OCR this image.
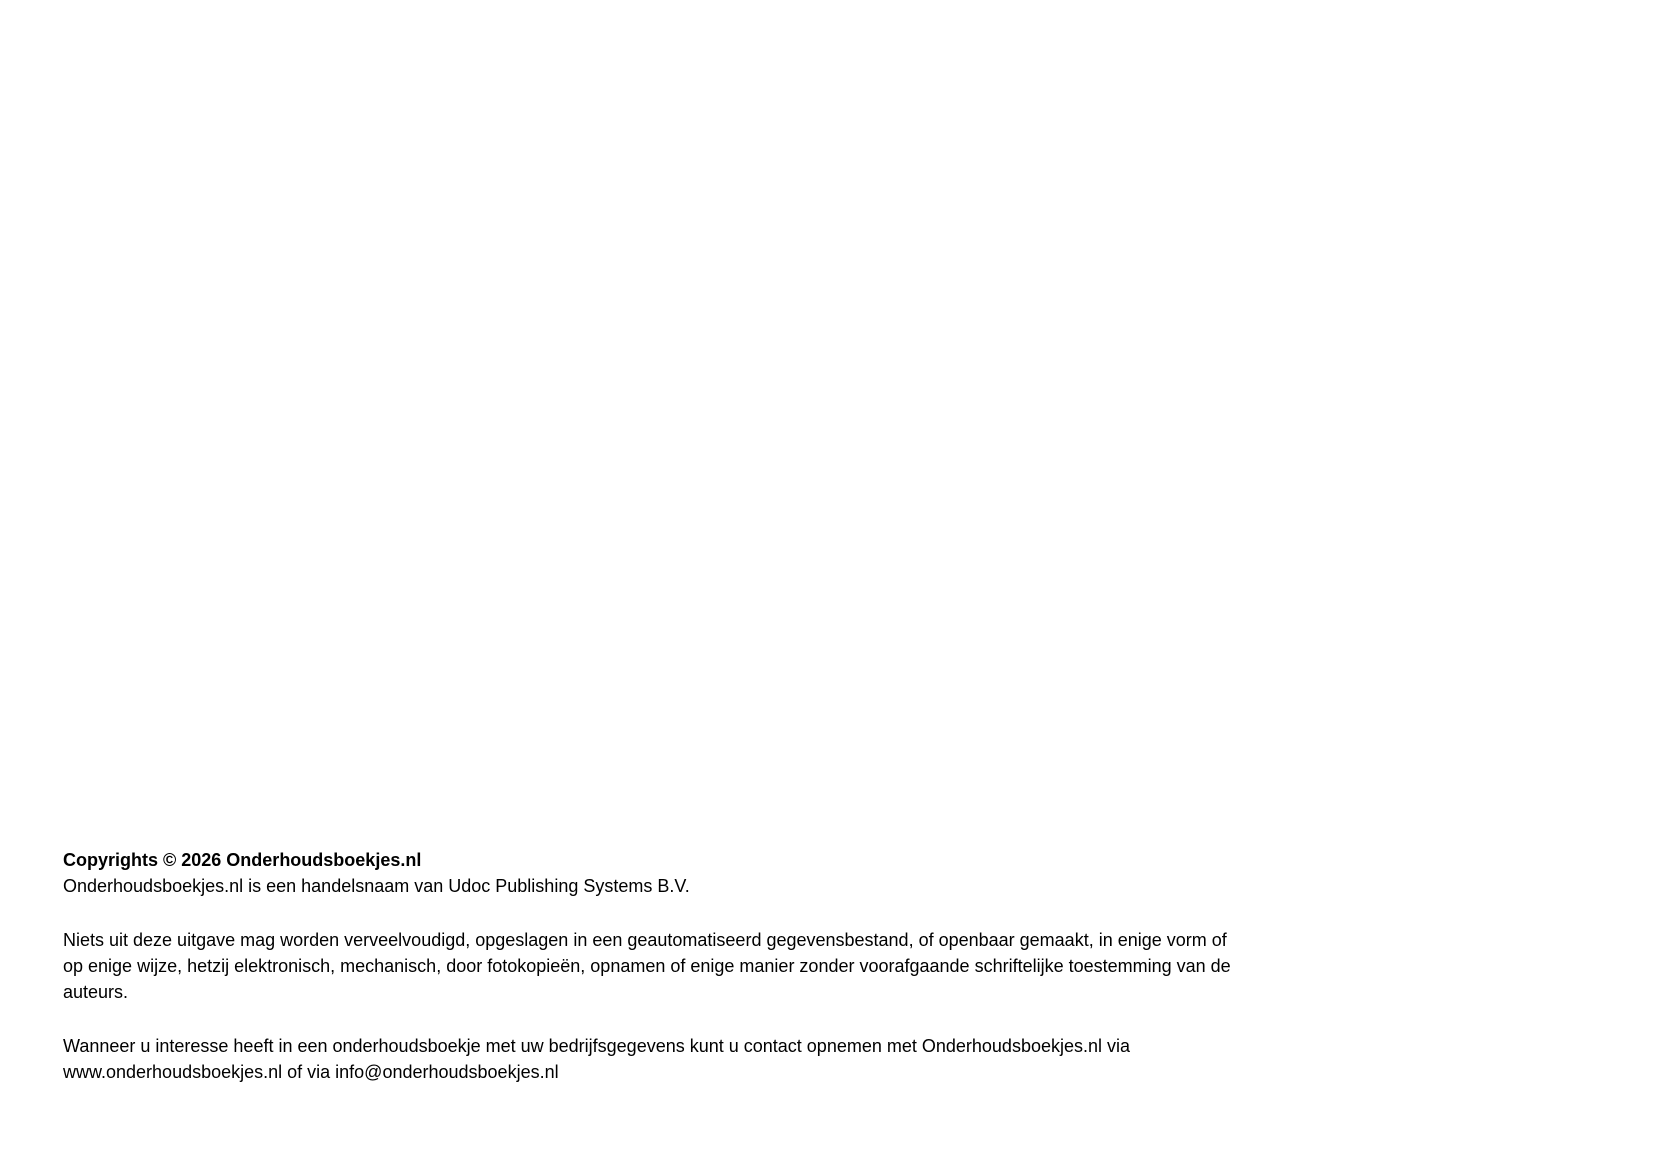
Copyrights © 2026 Onderhoudsboekjes.nl
Onderhoudsboekjes.nl is een handelsnaam van Udoc Publishing Systems B.V.
Niets uit deze uitgave mag worden verveelvoudigd, opgeslagen in een geautomatiseerd gegevensbestand, of openbaar gemaakt, in enige vorm of
op enige wijze, hetzij elektronisch, mechanisch, door fotokopieën, opnamen of enige manier zonder voorafgaande schriftelijke toestemming van de
auteurs.
Wanneer u interesse heeft in een onderhoudsboekje met uw bedrijfsgegevens kunt u contact opnemen met Onderhoudsboekjes.nl via
www.onderhoudsboekjes.nl of via info@onderhoudsboekjes.nl
